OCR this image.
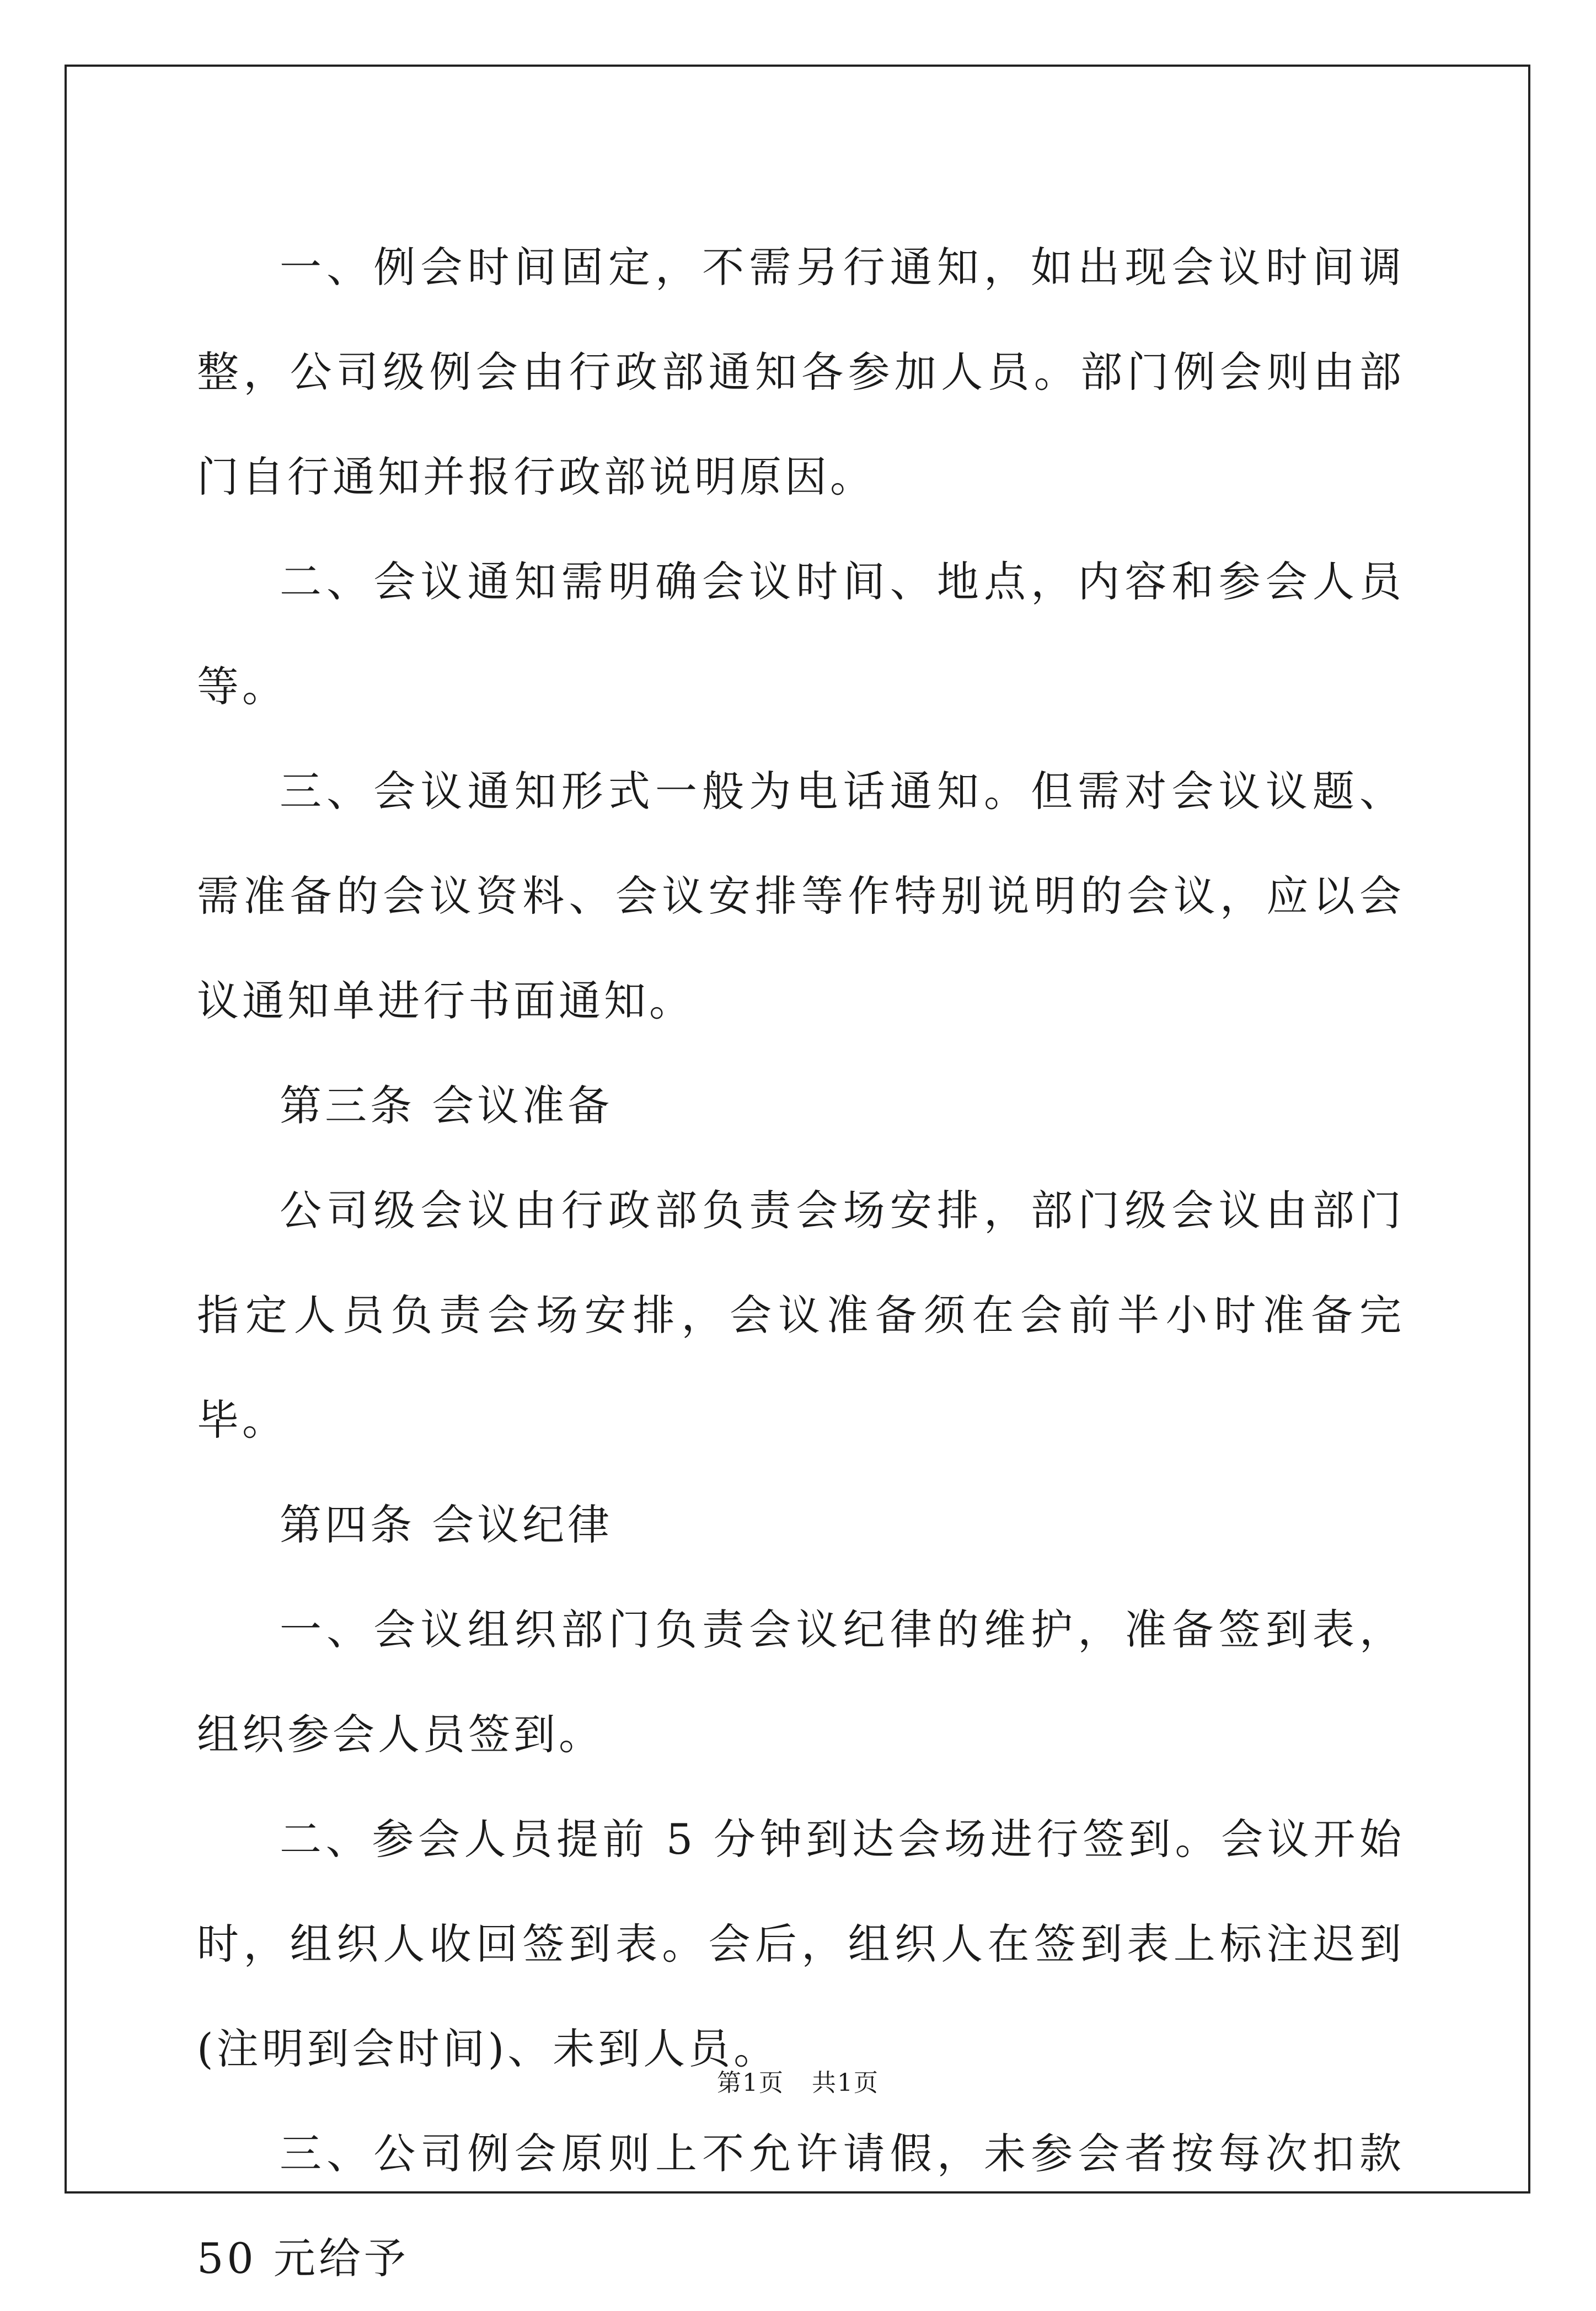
一、例会时间固定，不需另行通知，如出现会议时间调整，公司级例会由行政部通知各参加人员。部门例会则由部门自行通知并报行政部说明原因。

二、会议通知需明确会议时间、地点，内容和参会人员等。

三、会议通知形式一般为电话通知。但需对会议议题、需准备的会议资料、会议安排等作特别说明的会议，应以会议通知单进行书面通知。

第三条 会议准备

公司级会议由行政部负责会场安排，部门级会议由部门指定人员负责会场安排，会议准备须在会前半小时准备完毕。

第四条 会议纪律

一、会议组织部门负责会议纪律的维护，准备签到表，组织参会人员签到。

二、参会人员提前 5 分钟到达会场进行签到。会议开始时，组织人收回签到表。会后，组织人在签到表上标注迟到(注明到会时间)、未到人员。

三、公司例会原则上不允许请假，未参会者按每次扣款 50 元给予

第1页 共1页
